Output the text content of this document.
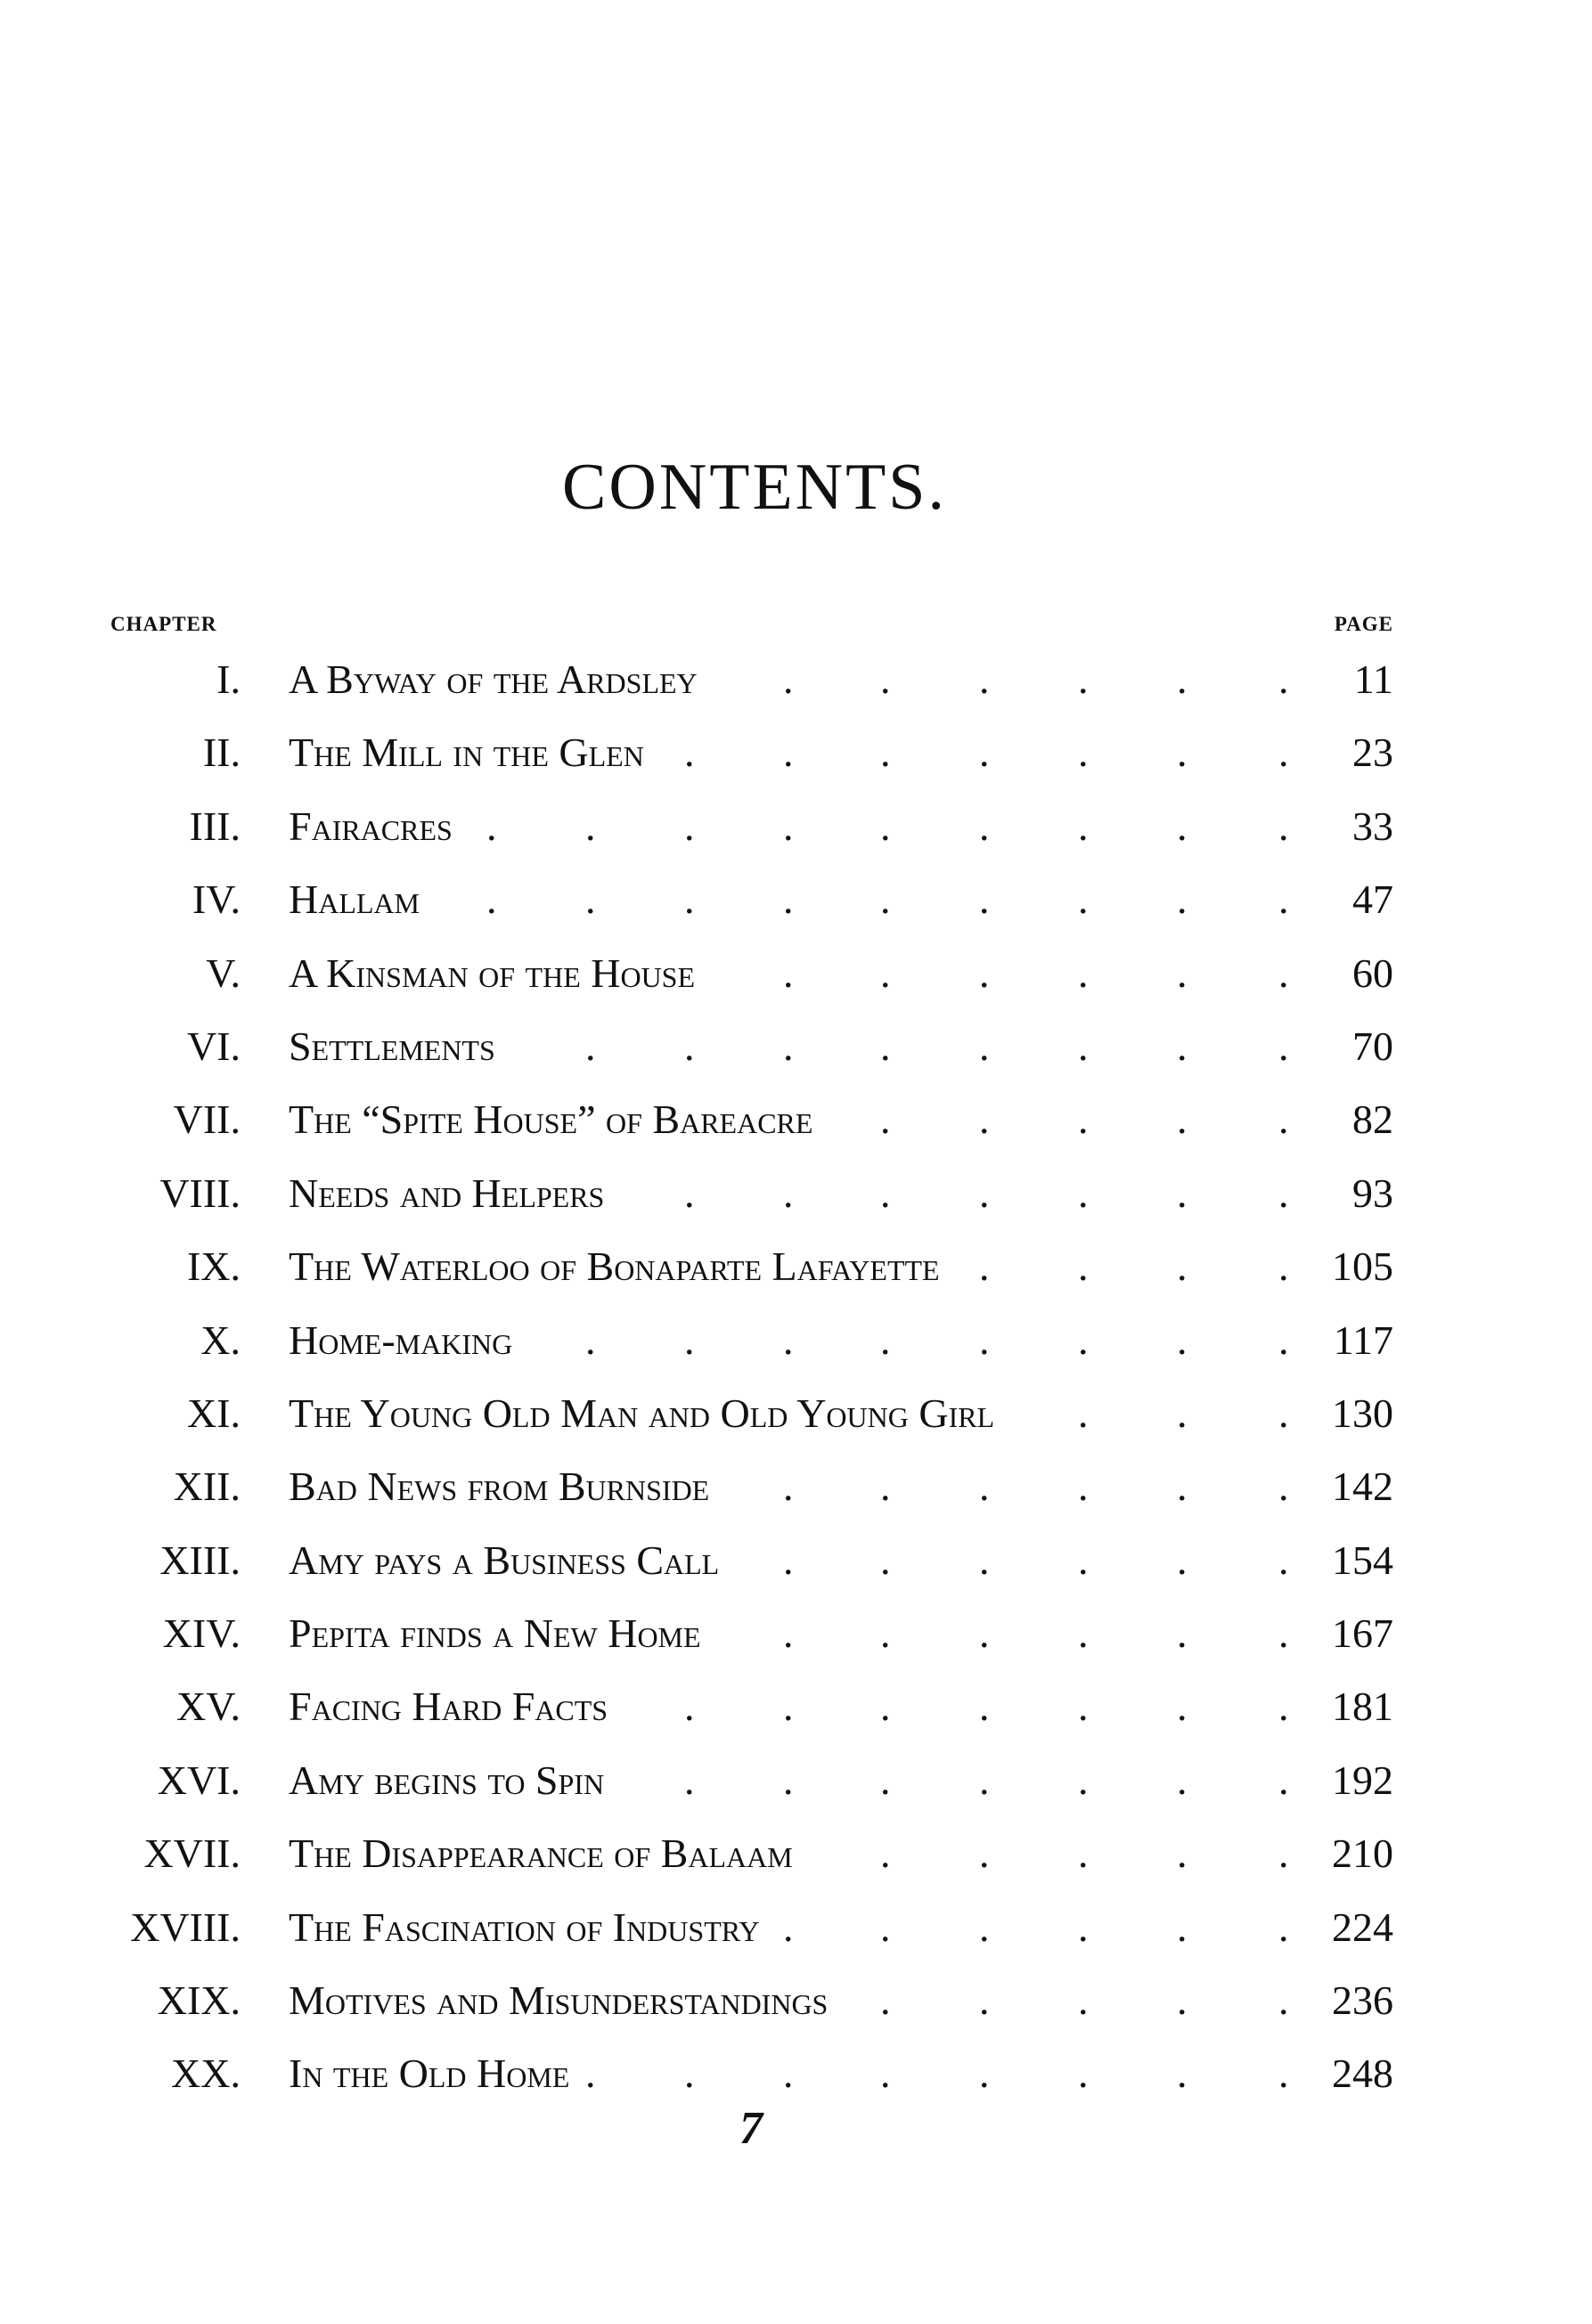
CONTENTS.
CHAPTER	PAGE
I. A Byway of the Ardsley	11
. . . . . .
II. The Mill in the Glen	23
. . . . . . .
III. Fairacres	33
. . . . . . . . .
IV. Hallam	47
. . . . . . . . .
V. A Kinsman of the House	60
. . . . . .
VI. Settlements	70
. . . . . . . .
VII. The “Spite House” of Bareacre	82
. . . . .
VIII. Needs and Helpers	93
. . . . . . .
IX. The Waterloo of Bonaparte Lafayette	105
. . . .
X. Home-making	117
. . . . . . . .
XI. The Young Old Man and Old Young Girl	130
. . .
XII. Bad News from Burnside	142
. . . . . .
XIII. Amy pays a Business Call	154
. . . . . .
XIV. Pepita finds a New Home	167
. . . . . .
XV. Facing Hard Facts	181
. . . . . . .
XVI. Amy begins to Spin	192
. . . . . . .
XVII. The Disappearance of Balaam	210
. . . . .
XVIII. The Fascination of Industry	224
. . . . . .
XIX. Motives and Misunderstandings	236
. . . . .
XX. In the Old Home	248
. . . . . . . .
7
